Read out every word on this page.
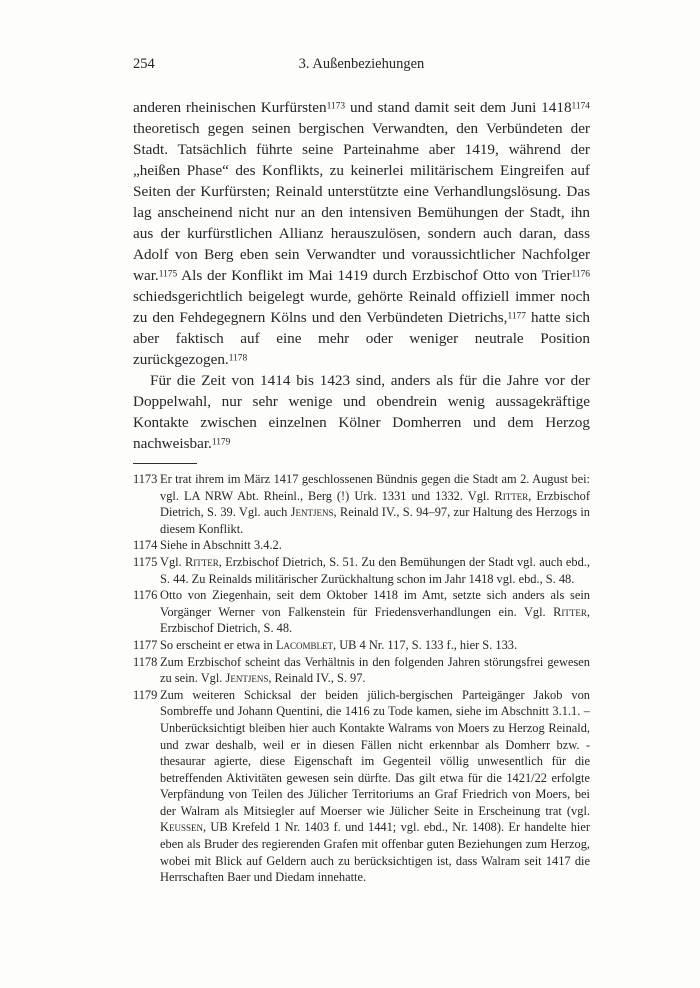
254	3. Außenbeziehungen

anderen rheinischen Kurfürsten$^{1173}$ und stand damit seit dem Juni $1418^{1174}$ theoretisch gegen seinen bergischen Verwandten, den Verbündeten der Stadt. Tatsächlich führte seine Parteinahme aber 1419, während der „heißen Phase“ des Konflikts, zu keinerlei militärischem Eingreifen auf Seiten der Kurfürsten; Reinald unterstützte eine Verhandlungslösung. Das lag anscheinend nicht nur an den intensiven Bemühungen der Stadt, ihn aus der kurfürstlichen Allianz herauszulösen, sondern auch daran, dass Adolf von Berg eben sein Verwandter und voraussichtlicher Nachfolger war.$^{1175}$ Als der Konflikt im Mai 1419 durch Erzbischof Otto von Trier$^{1176}$ schiedsgerichtlich beigelegt wurde, gehörte Reinald offiziell immer noch zu den Fehdegegnern Kölns und den Verbündeten Dietrichs,$^{1177}$ hatte sich aber faktisch auf eine mehr oder weniger neutrale Position zurückgezogen.$^{1178}$

Für die Zeit von 1414 bis 1423 sind, anders als für die Jahre vor der Doppelwahl, nur sehr wenige und obendrein wenig aussagekräftige Kontakte zwischen einzelnen Kölner Domherren und dem Herzog nachweisbar.$^{1179}$

1173 Er trat ihrem im März 1417 geschlossenen Bündnis gegen die Stadt am 2. August bei: vgl. LA NRW Abt. Rheinl., Berg (!) Urk. 1331 und 1332. Vgl. Ritter, Erzbischof Dietrich, S. 39. Vgl. auch Jentjens, Reinald IV., S. 94–97, zur Haltung des Herzogs in diesem Konflikt.
1174 Siehe in Abschnitt 3.4.2.
1175 Vgl. Ritter, Erzbischof Dietrich, S. 51. Zu den Bemühungen der Stadt vgl. auch ebd., S. 44. Zu Reinalds militärischer Zurückhaltung schon im Jahr 1418 vgl. ebd., S. 48.
1176 Otto von Ziegenhain, seit dem Oktober 1418 im Amt, setzte sich anders als sein Vorgänger Werner von Falkenstein für Friedensverhandlungen ein. Vgl. Ritter, Erzbischof Dietrich, S. 48.
1177 So erscheint er etwa in Lacomblet, UB 4 Nr. 117, S. 133 f., hier S. 133.
1178 Zum Erzbischof scheint das Verhältnis in den folgenden Jahren störungsfrei gewesen zu sein. Vgl. Jentjens, Reinald IV., S. 97.
1179 Zum weiteren Schicksal der beiden jülich-bergischen Parteigänger Jakob von Sombreffe und Johann Quentini, die 1416 zu Tode kamen, siehe im Abschnitt 3.1.1. – Unberücksichtigt bleiben hier auch Kontakte Walrams von Moers zu Herzog Reinald, und zwar deshalb, weil er in diesen Fällen nicht erkennbar als Domherr bzw. -thesaurar agierte, diese Eigenschaft im Gegenteil völlig unwesentlich für die betreffenden Aktivitäten gewesen sein dürfte. Das gilt etwa für die 1421/22 erfolgte Verpfändung von Teilen des Jülicher Territoriums an Graf Friedrich von Moers, bei der Walram als Mitsiegler auf Moerser wie Jülicher Seite in Erscheinung trat (vgl. Keussen, UB Krefeld 1 Nr. 1403 f. und 1441; vgl. ebd., Nr. 1408). Er handelte hier eben als Bruder des regierenden Grafen mit offenbar guten Beziehungen zum Herzog, wobei mit Blick auf Geldern auch zu berücksichtigen ist, dass Walram seit 1417 die Herrschaften Baer und Diedam innehatte.
